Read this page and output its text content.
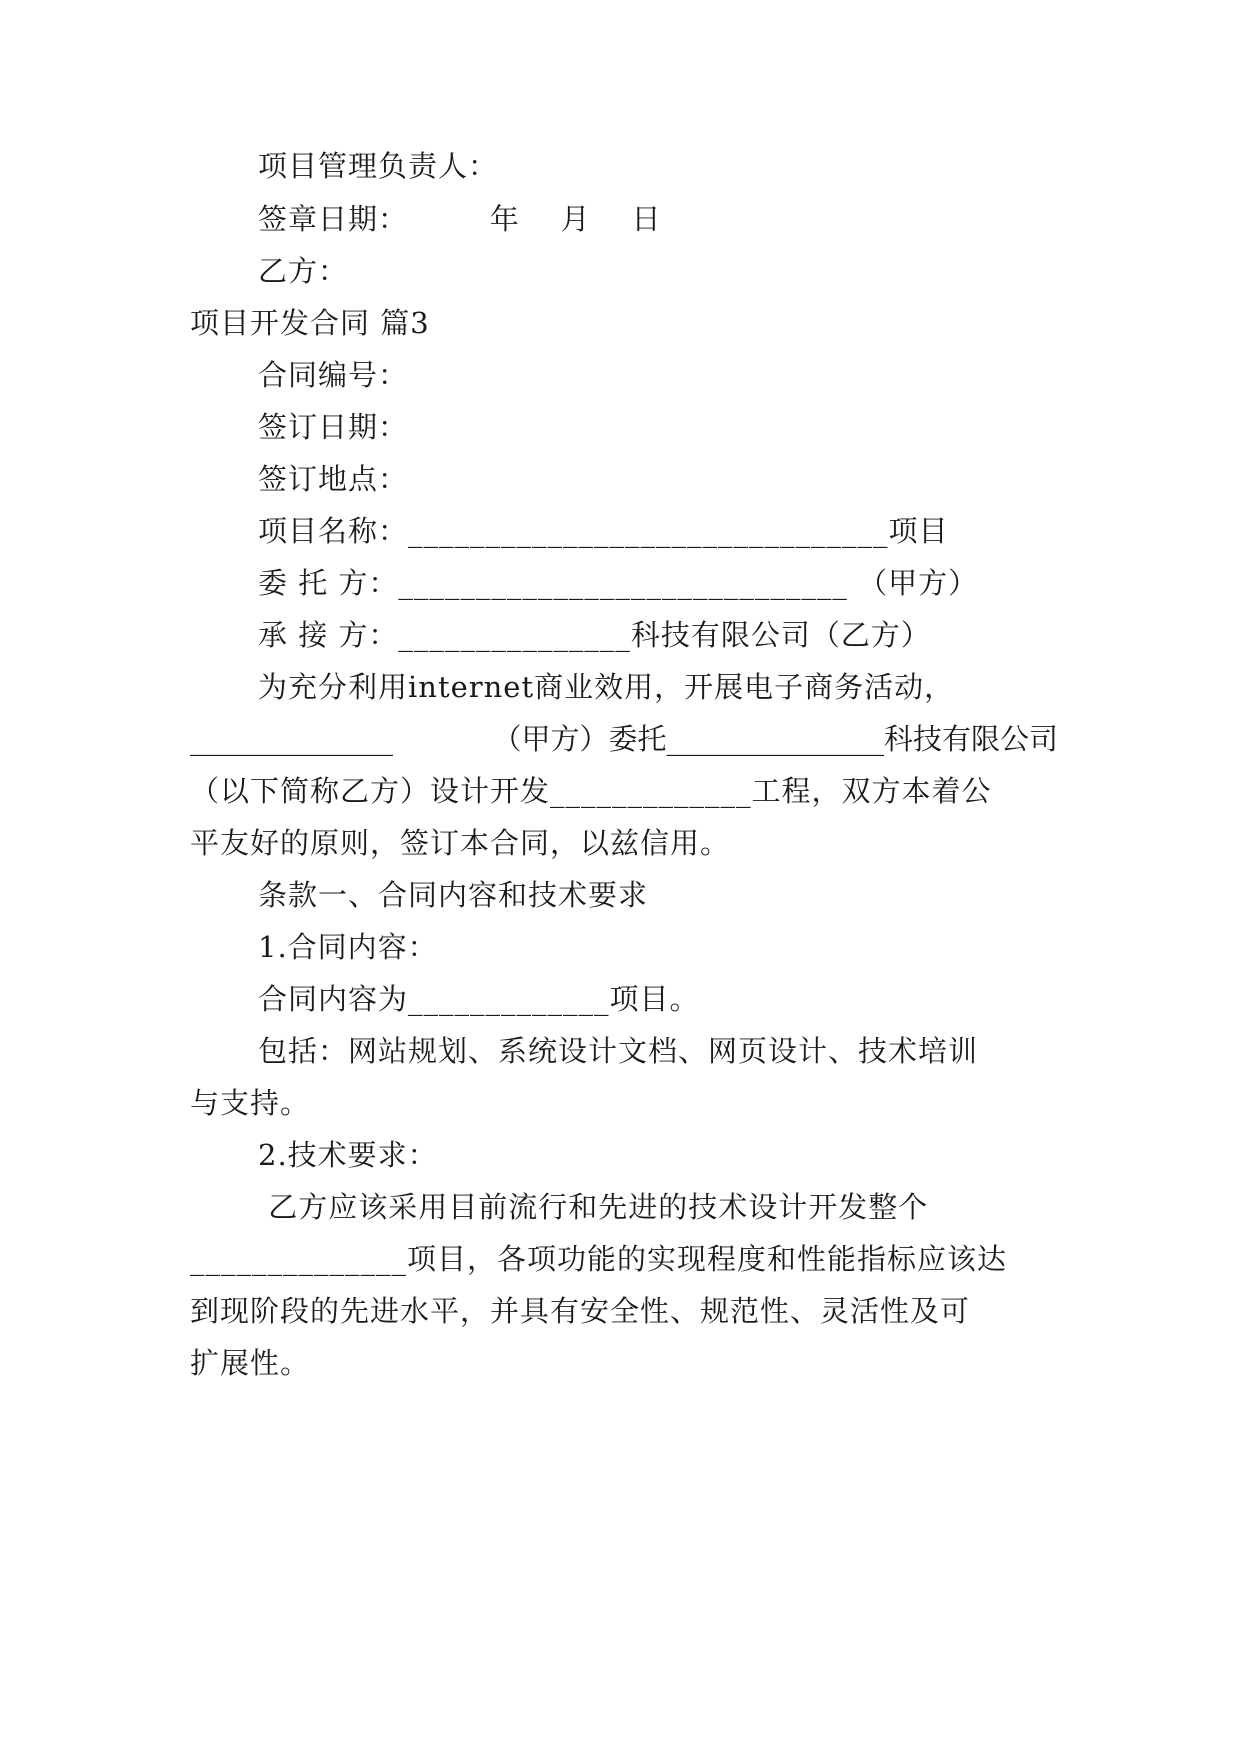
项目管理负责人：
签章日期：        年    月    日
乙方：
项目开发合同 篇3
合同编号：
签订日期：
签订地点：
项目名称：_______________________________项目
委 托 方：_____________________________ （甲方）
承 接 方：_______________科技有限公司（乙方）
为充分利用internet商业效用，开展电子商务活动，
______________	（甲方）委托_______________科技有限公司
（以下简称乙方）设计开发_____________工程，双方本着公
平友好的原则，签订本合同，以兹信用。
条款一、合同内容和技术要求
1.合同内容：
合同内容为_____________项目。
包括：网站规划、系统设计文档、网页设计、技术培训
与支持。
2.技术要求：
乙方应该采用目前流行和先进的技术设计开发整个
______________项目，各项功能的实现程度和性能指标应该达
到现阶段的先进水平，并具有安全性、规范性、灵活性及可
扩展性。
